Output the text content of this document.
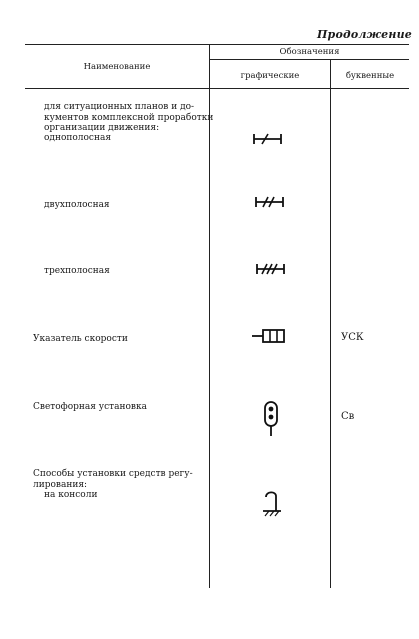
Продолжение
Наименование
Обозначения
графические	буквенные
для ситуационных планов и до-
кументов комплексной проработки
организации движения:
однополосная
двухполосная
трехполосная
Указатель скорости	УСК
Светофорная установка
Св
Способы установки средств регу-
лирования:
на консоли
